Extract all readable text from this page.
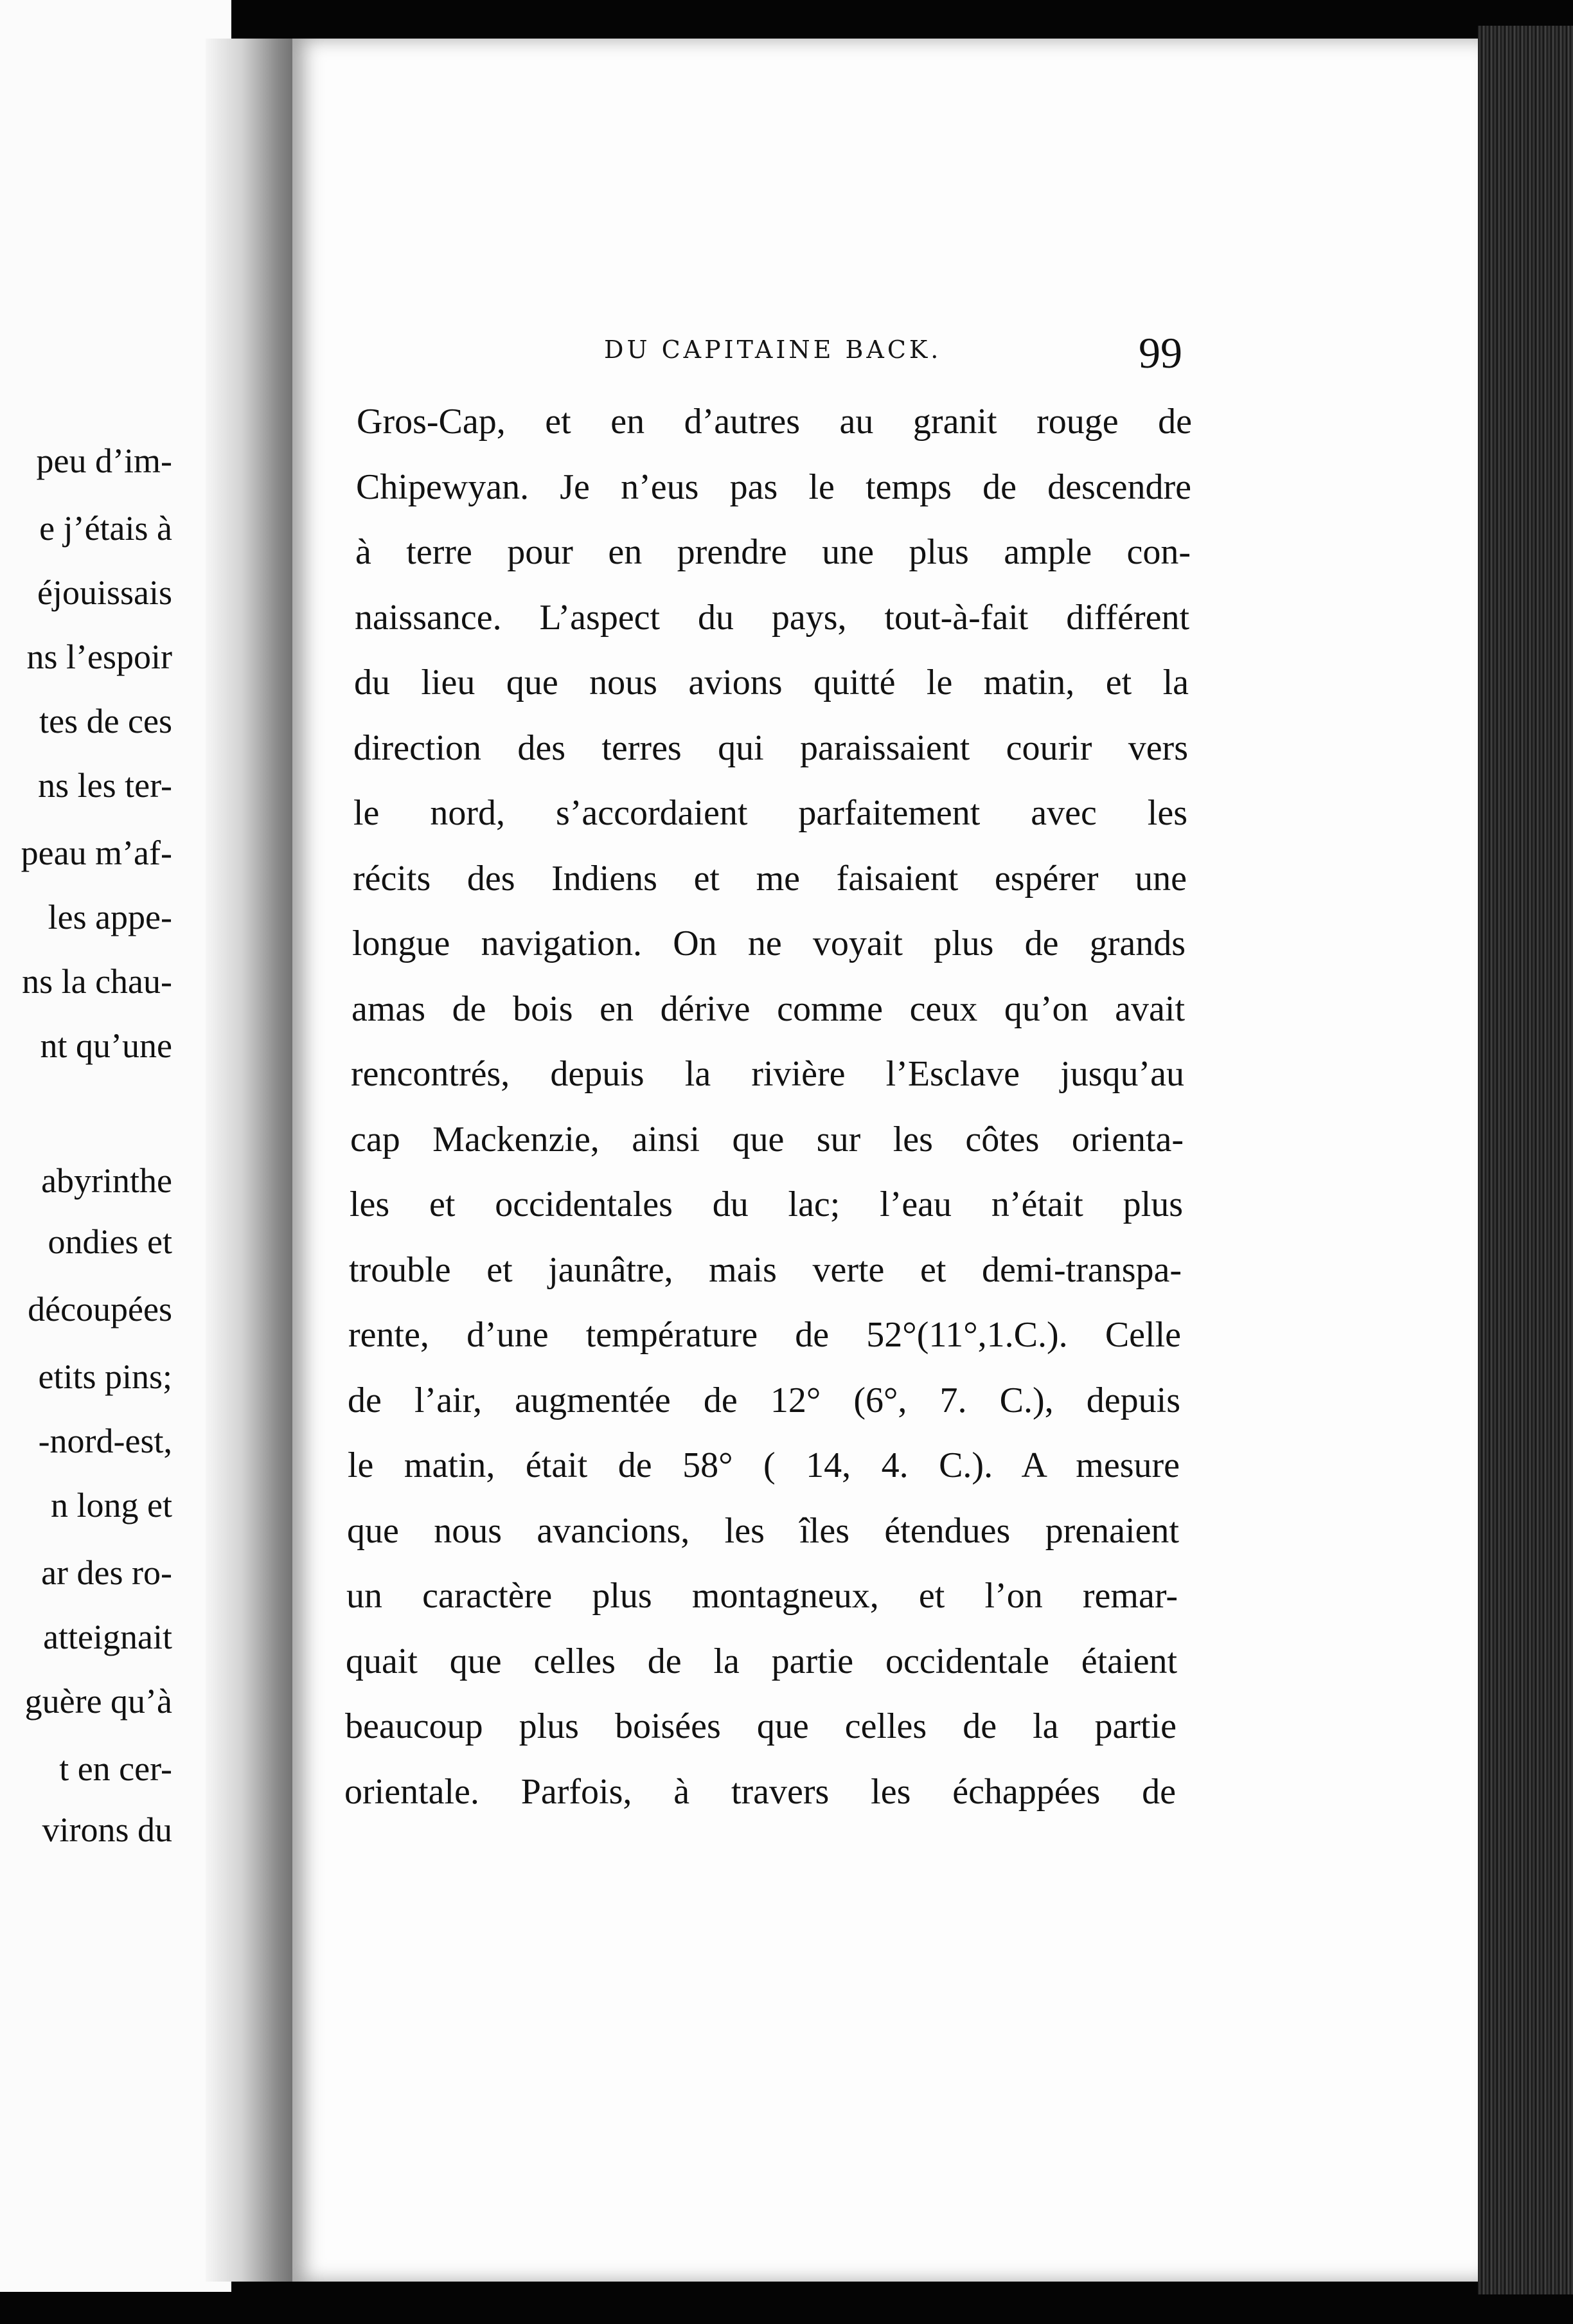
peu d’im-
e j’étais à
éjouissais
ns l’espoir
tes de ces
ns les ter-
peau m’af-
les appe-
ns la chau-
nt qu’une
abyrinthe
ondies et
découpées
etits pins;
-nord-est,
n long et
ar des ro-
atteignait
guère qu’à
t en cer-
virons du
DU CAPITAINE BACK.	99
Gros-Cap, et en d’autres au granit rouge de
Chipewyan. Je n’eus pas le temps de descendre
à terre pour en prendre une plus ample con-
naissance. L’aspect du pays, tout-à-fait différent
du lieu que nous avions quitté le matin, et la
direction des terres qui paraissaient courir vers
le nord, s’accordaient parfaitement avec les
récits des Indiens et me faisaient espérer une
longue navigation. On ne voyait plus de grands
amas de bois en dérive comme ceux qu’on avait
rencontrés, depuis la rivière l’Esclave jusqu’au
cap Mackenzie, ainsi que sur les côtes orienta-
les et occidentales du lac; l’eau n’était plus
trouble et jaunâtre, mais verte et demi-transpa-
rente, d’une température de 52°(11°,1.C.). Celle
de l’air, augmentée de 12° (6°, 7. C.), depuis
le matin, était de 58° ( 14, 4. C.). A mesure
que nous avancions, les îles étendues prenaient
un caractère plus montagneux, et l’on remar-
quait que celles de la partie occidentale étaient
beaucoup plus boisées que celles de la partie
orientale. Parfois, à travers les échappées de
